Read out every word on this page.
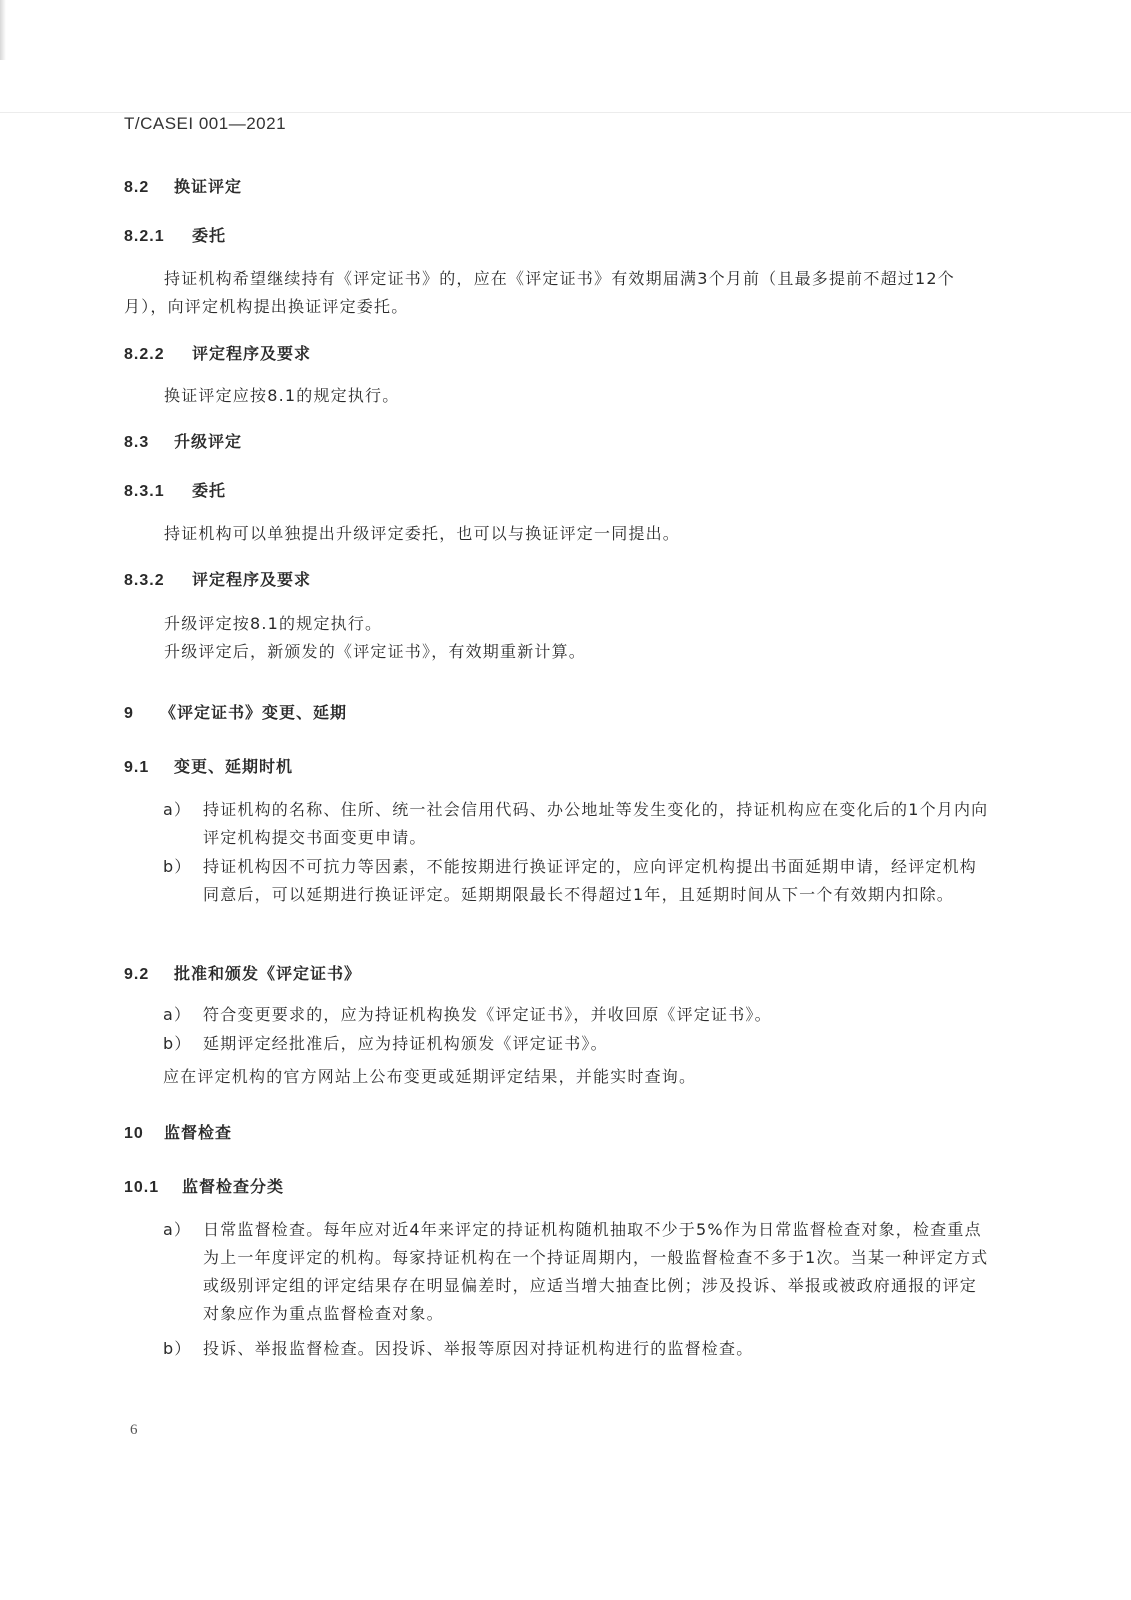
T/CASEI 001—2021
8.2 换证评定
8.2.1 委托
持证机构希望继续持有《评定证书》的，应在《评定证书》有效期届满3个月前（且最多提前不超过12个月），向评定机构提出换证评定委托。
8.2.2 评定程序及要求
换证评定应按8.1的规定执行。
8.3 升级评定
8.3.1 委托
持证机构可以单独提出升级评定委托，也可以与换证评定一同提出。
8.3.2 评定程序及要求
升级评定按8.1的规定执行。
升级评定后，新颁发的《评定证书》，有效期重新计算。
9 《评定证书》变更、延期
9.1 变更、延期时机
a） 持证机构的名称、住所、统一社会信用代码、办公地址等发生变化的，持证机构应在变化后的1个月内向评定机构提交书面变更申请。
b） 持证机构因不可抗力等因素，不能按期进行换证评定的，应向评定机构提出书面延期申请，经评定机构同意后，可以延期进行换证评定。延期期限最长不得超过1年，且延期时间从下一个有效期内扣除。
9.2 批准和颁发《评定证书》
a） 符合变更要求的，应为持证机构换发《评定证书》，并收回原《评定证书》。
b） 延期评定经批准后，应为持证机构颁发《评定证书》。
应在评定机构的官方网站上公布变更或延期评定结果，并能实时查询。
10 监督检查
10.1 监督检查分类
a） 日常监督检查。每年应对近4年来评定的持证机构随机抽取不少于5%作为日常监督检查对象，检查重点为上一年度评定的机构。每家持证机构在一个持证周期内，一般监督检查不多于1次。当某一种评定方式或级别评定组的评定结果存在明显偏差时，应适当增大抽查比例；涉及投诉、举报或被政府通报的评定对象应作为重点监督检查对象。
b） 投诉、举报监督检查。因投诉、举报等原因对持证机构进行的监督检查。
6
